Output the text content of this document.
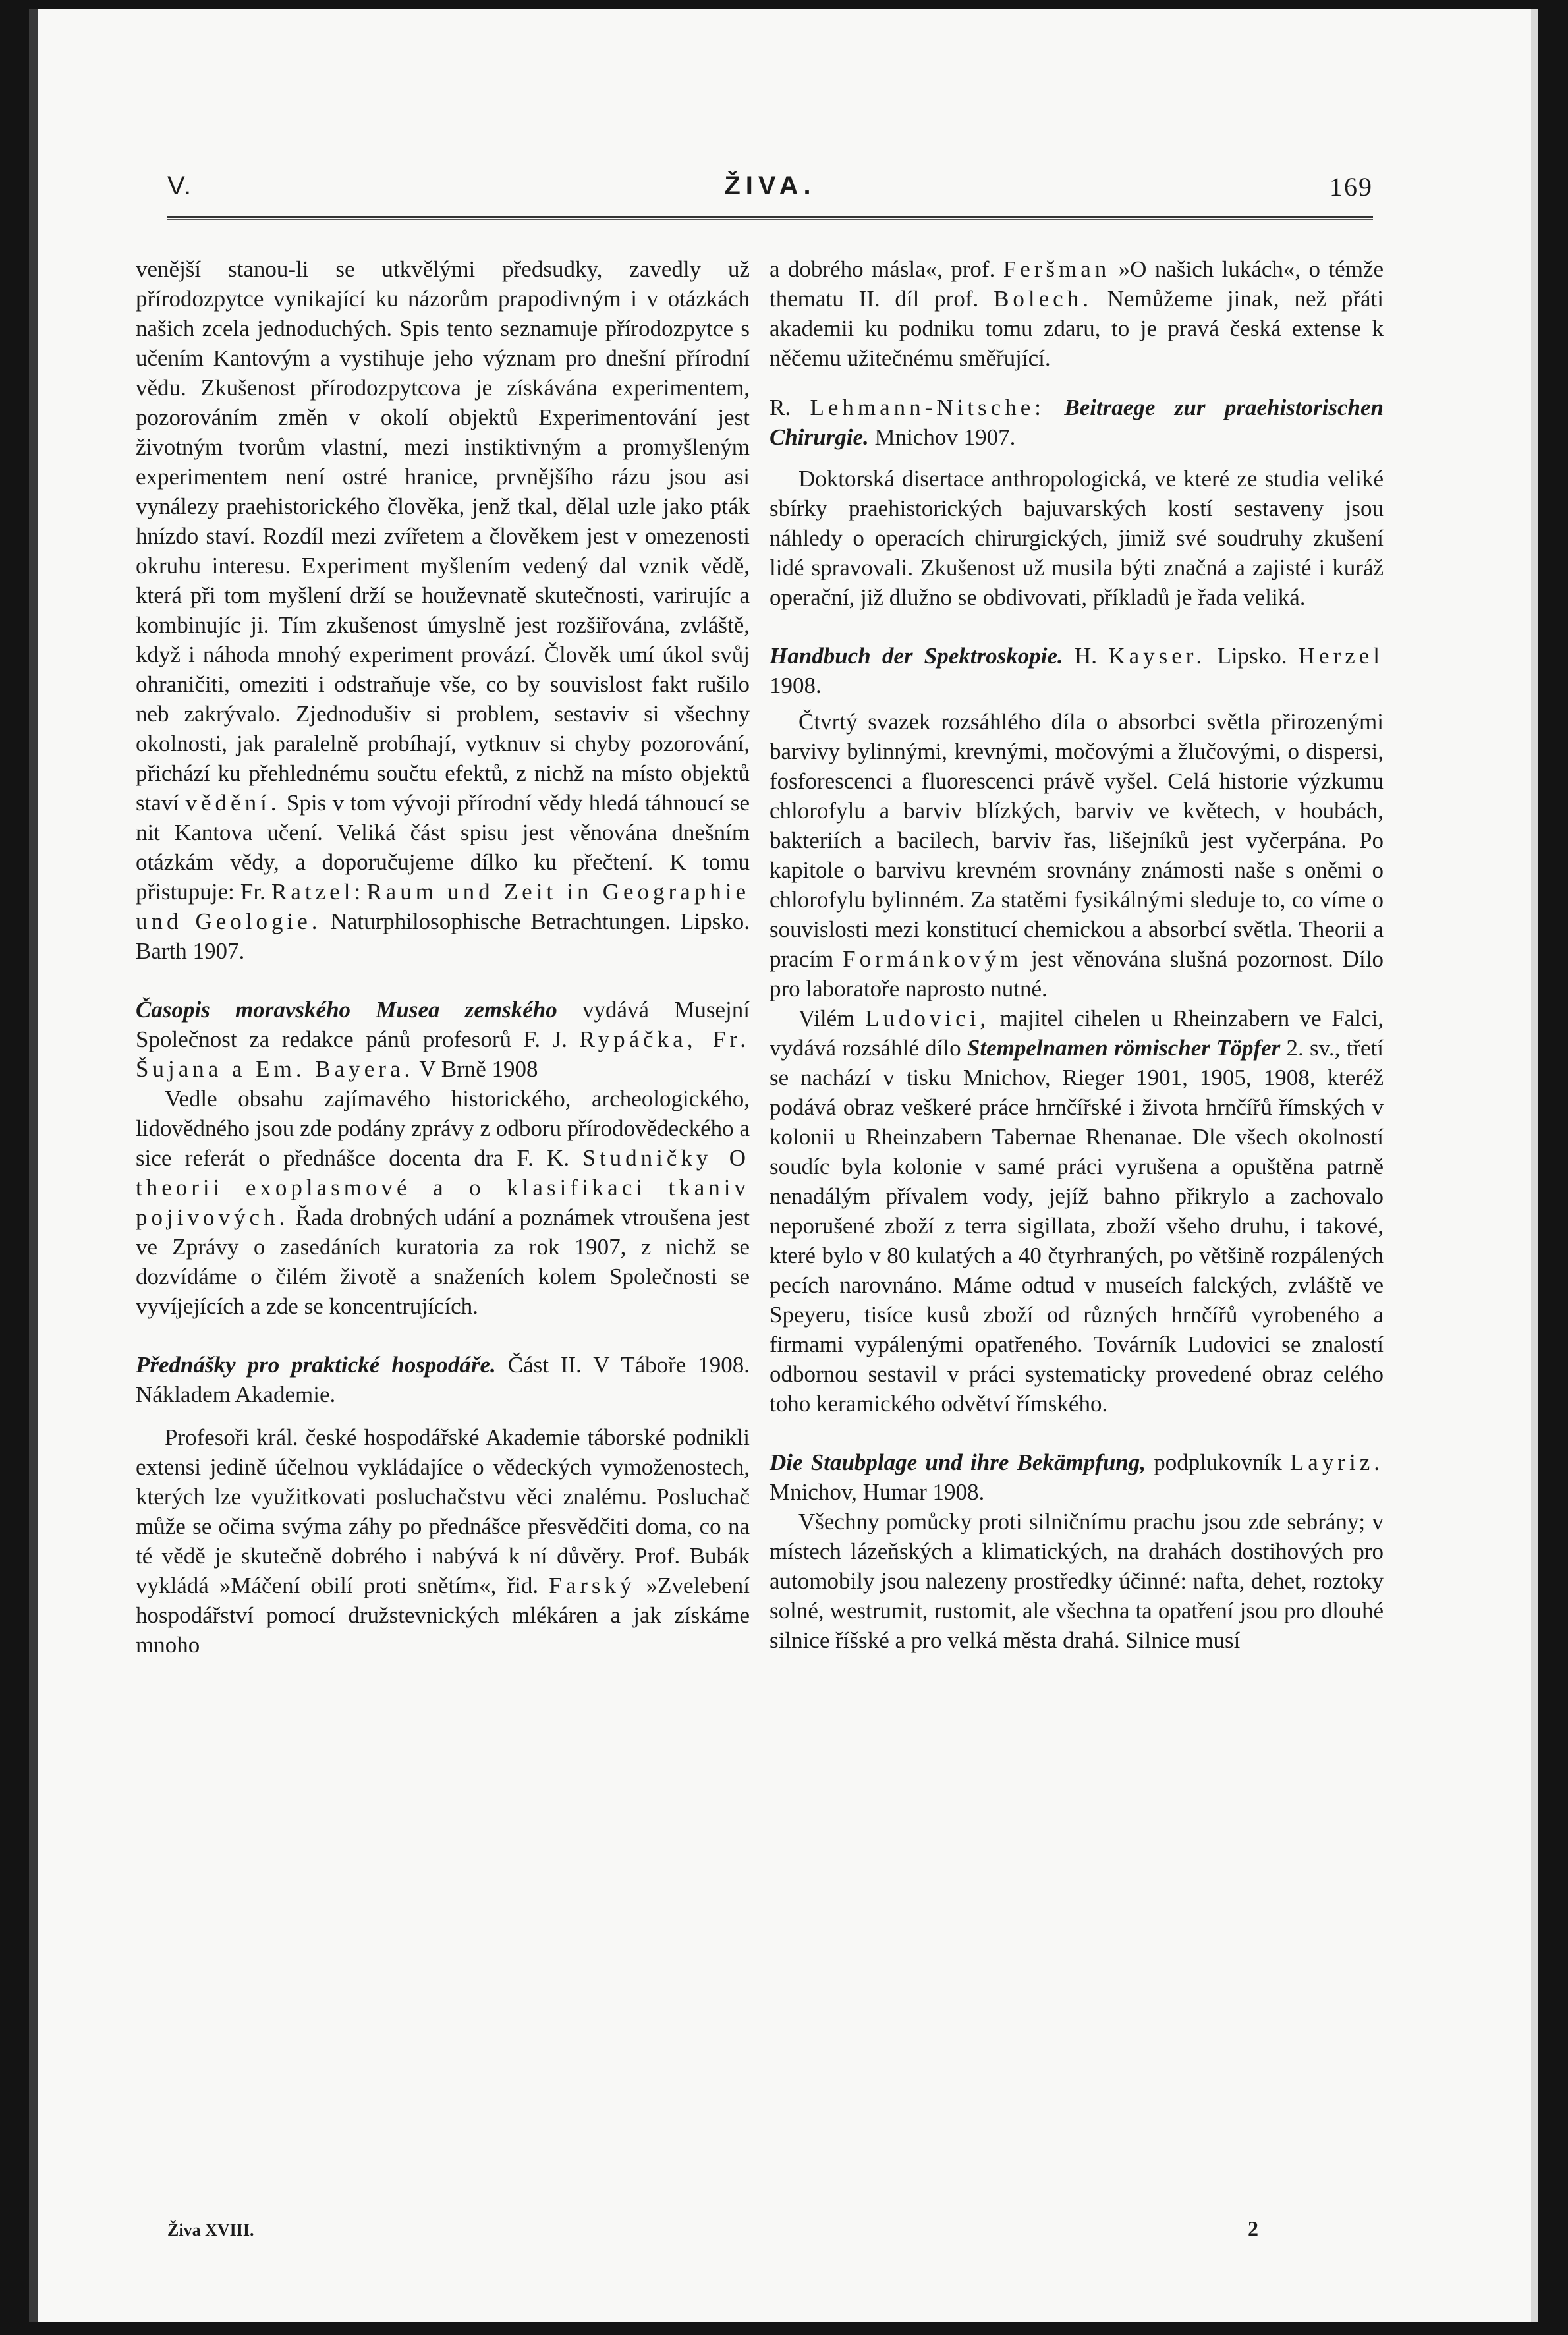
V.	ŽIVA.	169

venější stanou-li se utkvělými předsudky, zavedly už přírodozpytce vynikající ku názorům prapodivným i v otázkách našich zcela jednoduchých. Spis tento seznamuje přírodozpytce s učením Kantovým a vystihuje jeho význam pro dnešní přírodní vědu. Zkušenost přírodozpytcova je získávána experimentem, pozorováním změn v okolí objektů Experimentování jest životným tvorům vlastní, mezi instiktivným a promyšleným experimentem není ostré hranice, prvnějšího rázu jsou asi vynálezy praehistorického člověka, jenž tkal, dělal uzle jako pták hnízdo staví. Rozdíl mezi zvířetem a člověkem jest v omezenosti okruhu interesu. Experiment myšlením vedený dal vznik vědě, která při tom myšlení drží se houževnatě skutečnosti, varirujíc a kombinujíc ji. Tím zkušenost úmyslně jest rozšiřována, zvláště, když i náhoda mnohý experiment provází. Člověk umí úkol svůj ohraničiti, omeziti i odstraňuje vše, co by souvislost fakt rušilo neb zakrývalo. Zjednodušiv si problem, sestaviv si všechny okolnosti, jak paralelně probíhají, vytknuv si chyby pozorování, přichází ku přehlednému součtu efektů, z nichž na místo objektů staví vědění. Spis v tom vývoji přírodní vědy hledá táhnoucí se nit Kantova učení. Veliká část spisu jest věnována dnešním otázkám vědy, a doporučujeme dílko ku přečtení. K tomu přistupuje: Fr. Ratzel: Raum und Zeit in Geographie und Geologie. Naturphilosophische Betrachtungen. Lipsko. Barth 1907.

Časopis moravského Musea zemského vydává Musejní Společnost za redakce pánů profesorů F. J. Rypáčka, Fr. Šujana a Em. Bayera. V Brně 1908

Vedle obsahu zajímavého historického, archeologického, lidovědného jsou zde podány zprávy z odboru přírodovědeckého a sice referát o přednášce docenta dra F. K. Studničky O theorii exoplasmové a o klasifikaci tkaniv pojivových. Řada drobných udání a poznámek vtroušena jest ve Zprávy o zasedáních kuratoria za rok 1907, z nichž se dozvídáme o čilém životě a snaženích kolem Společnosti se vyvíjejících a zde se koncentrujících.

Přednášky pro praktické hospodáře. Část II. V Táboře 1908. Nákladem Akademie.

Profesoři král. české hospodářské Akademie táborské podnikli extensi jedině účelnou vykládajíce o vědeckých vymoženostech, kterých lze využitkovati posluchačstvu věci znalému. Posluchač může se očima svýma záhy po přednášce přesvědčiti doma, co na té vědě je skutečně dobrého i nabývá k ní důvěry. Prof. Bubák vykládá »Máčení obilí proti snětím«, řid. Farský »Zvelebení hospodářství pomocí družstevnických mlékáren a jak získáme mnoho

a dobrého másla«, prof. Feršman »O našich lukách«, o témže thematu II. díl prof. Bolech. Nemůžeme jinak, než přáti akademii ku podniku tomu zdaru, to je pravá česká extense k něčemu užitečnému směřující.

R. Lehmann-Nitsche: Beitraege zur praehistorischen Chirurgie. Mnichov 1907.

Doktorská disertace anthropologická, ve které ze studia veliké sbírky praehistorických bajuvarských kostí sestaveny jsou náhledy o operacích chirurgických, jimiž své soudruhy zkušení lidé spravovali. Zkušenost už musila býti značná a zajisté i kuráž operační, již dlužno se obdivovati, příkladů je řada veliká.

Handbuch der Spektroskopie. H. Kayser. Lipsko. Herzel 1908.

Čtvrtý svazek rozsáhlého díla o absorbci světla přirozenými barvivy bylinnými, krevnými, močovými a žlučovými, o dispersi, fosforescenci a fluorescenci právě vyšel. Celá historie výzkumu chlorofylu a barviv blízkých, barviv ve květech, v houbách, bakteriích a bacilech, barviv řas, lišejníků jest vyčerpána. Po kapitole o barvivu krevném srovnány známosti naše s oněmi o chlorofylu bylinném. Za statěmi fysikálnými sleduje to, co víme o souvislosti mezi konstitucí chemickou a absorbcí světla. Theorii a pracím Formánkovým jest věnována slušná pozornost. Dílo pro laboratoře naprosto nutné.

Vilém Ludovici, majitel cihelen u Rheinzabern ve Falci, vydává rozsáhlé dílo Stempelnamen römischer Töpfer 2. sv., třetí se nachází v tisku Mnichov, Rieger 1901, 1905, 1908, kteréž podává obraz veškeré práce hrnčířské i života hrnčířů římských v kolonii u Rheinzabern Tabernae Rhenanae. Dle všech okolností soudíc byla kolonie v samé práci vyrušena a opuštěna patrně nenadálým přívalem vody, jejíž bahno přikrylo a zachovalo neporušené zboží z terra sigillata, zboží všeho druhu, i takové, které bylo v 80 kulatých a 40 čtyrhraných, po většině rozpálených pecích narovnáno. Máme odtud v museích falckých, zvláště ve Speyeru, tisíce kusů zboží od různých hrnčířů vyrobeného a firmami vypálenými opatřeného. Továrník Ludovici se znalostí odbornou sestavil v práci systematicky provedené obraz celého toho keramického odvětví římského.

Die Staubplage und ihre Bekämpfung, podplukovník Layriz. Mnichov, Humar 1908.

Všechny pomůcky proti silničnímu prachu jsou zde sebrány; v místech lázeňských a klimatických, na drahách dostihových pro automobily jsou nalezeny prostředky účinné: nafta, dehet, roztoky solné, westrumit, rustomit, ale všechna ta opatření jsou pro dlouhé silnice říšské a pro velká města drahá. Silnice musí

Živa XVIII.	2
